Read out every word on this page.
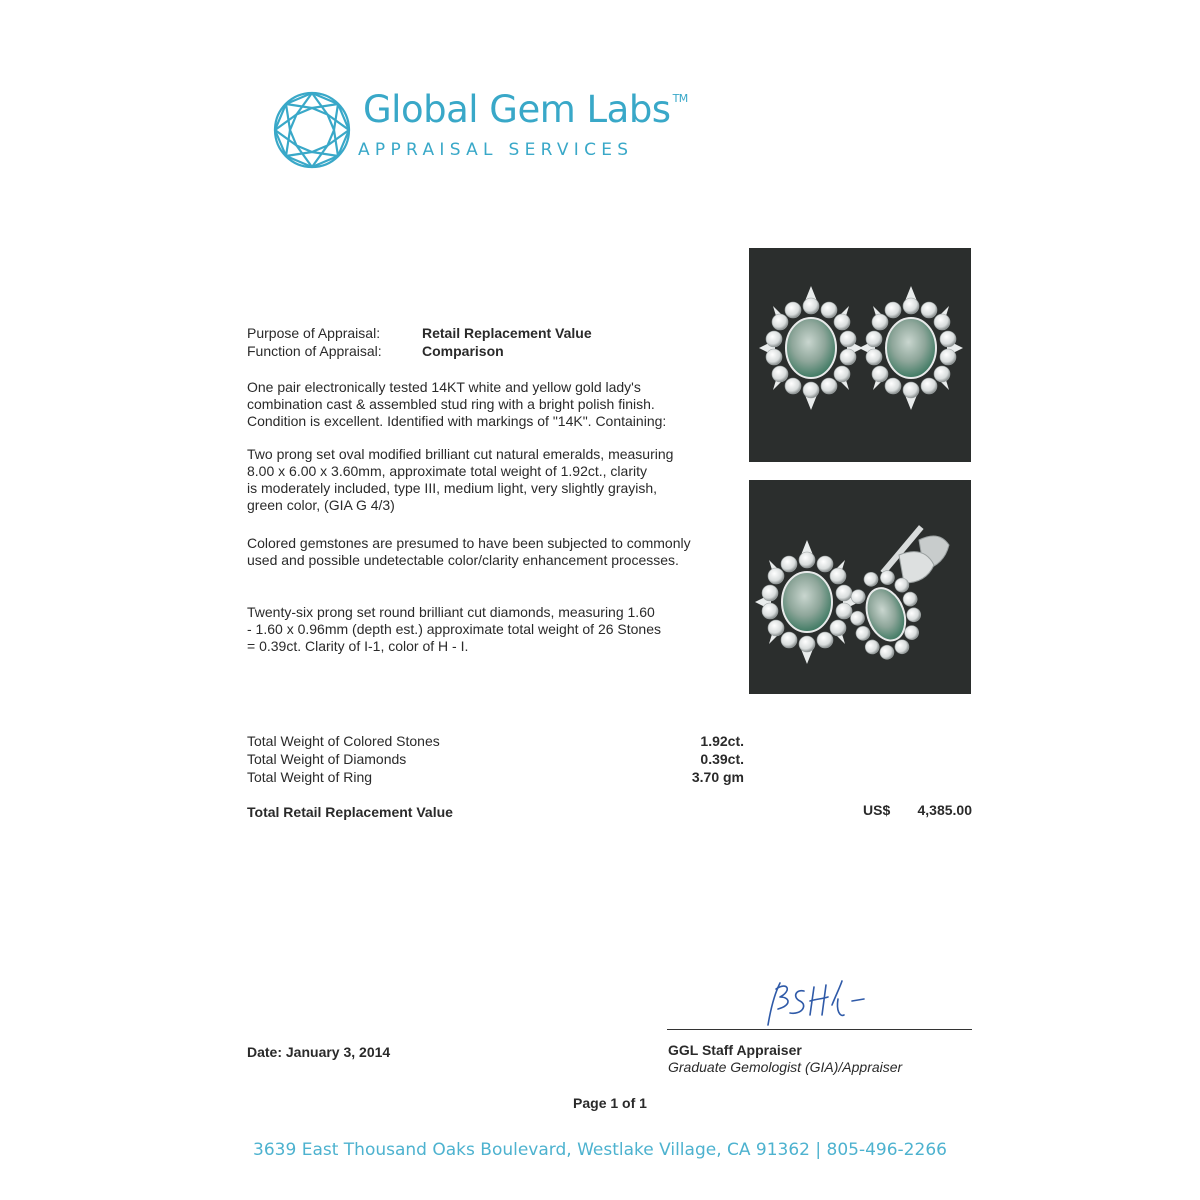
Global Gem Labs ™
APPRAISAL SERVICES
Purpose of Appraisal:	Retail Replacement Value
Function of Appraisal:	Comparison
One pair electronically tested 14KT white and yellow gold lady's
combination cast & assembled stud ring with a bright polish finish.
Condition is excellent. Identified with markings of "14K". Containing:
Two prong set oval modified brilliant cut natural emeralds, measuring
8.00 x 6.00 x 3.60mm, approximate total weight of 1.92ct., clarity
is moderately included, type III, medium light, very slightly grayish,
green color, (GIA G 4/3)
Colored gemstones are presumed to have been subjected to commonly
used and possible undetectable color/clarity enhancement processes.
Twenty-six prong set round brilliant cut diamonds, measuring 1.60
- 1.60 x 0.96mm (depth est.) approximate total weight of 26 Stones
= 0.39ct. Clarity of I-1, color of H - I.
Total Weight of Colored Stones	1.92ct.
Total Weight of Diamonds	0.39ct.
Total Weight of Ring	3.70 gm
Total Retail Replacement Value	US$	4,385.00
Date: January 3, 2014	GGL Staff Appraiser
Graduate Gemologist (GIA)/Appraiser
Page 1 of 1
3639 East Thousand Oaks Boulevard, Westlake Village, CA 91362 | 805-496-2266
